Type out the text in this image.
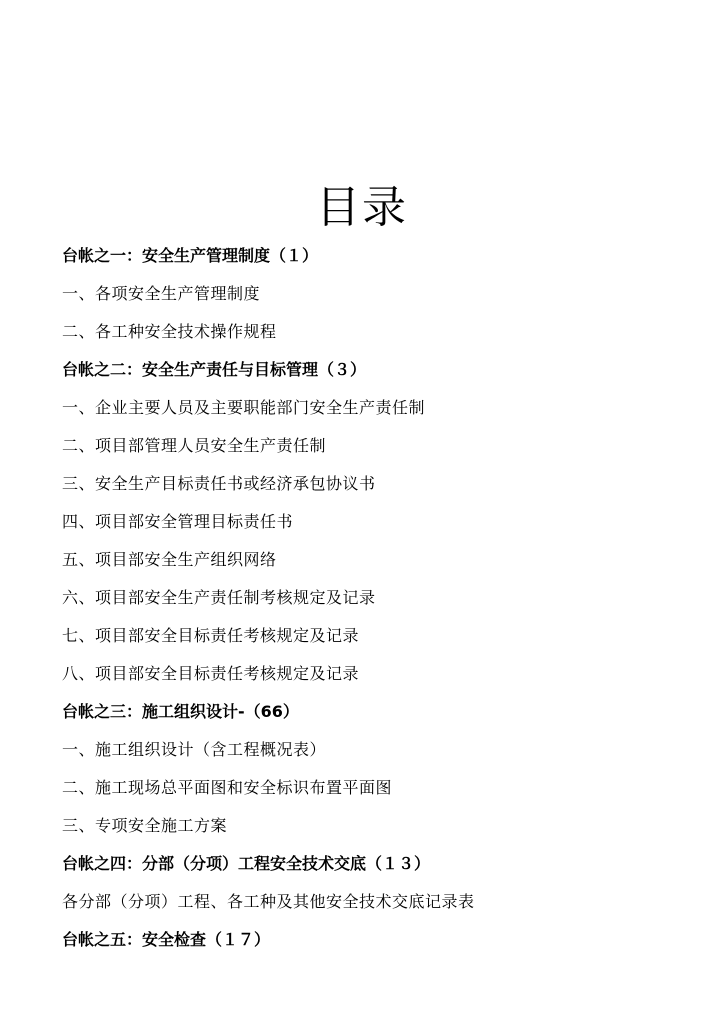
目录
台帐之一：安全生产管理制度（１）
一、各项安全生产管理制度
二、各工种安全技术操作规程
台帐之二：安全生产责任与目标管理（３）
一、企业主要人员及主要职能部门安全生产责任制
二、项目部管理人员安全生产责任制
三、安全生产目标责任书或经济承包协议书
四、项目部安全管理目标责任书
五、项目部安全生产组织网络
六、项目部安全生产责任制考核规定及记录
七、项目部安全目标责任考核规定及记录
八、项目部安全目标责任考核规定及记录
台帐之三：施工组织设计-（66）
一、施工组织设计（含工程概况表）
二、施工现场总平面图和安全标识布置平面图
三、专项安全施工方案
台帐之四：分部（分项）工程安全技术交底（１３）
各分部（分项）工程、各工种及其他安全技术交底记录表
台帐之五：安全检查（１７）
